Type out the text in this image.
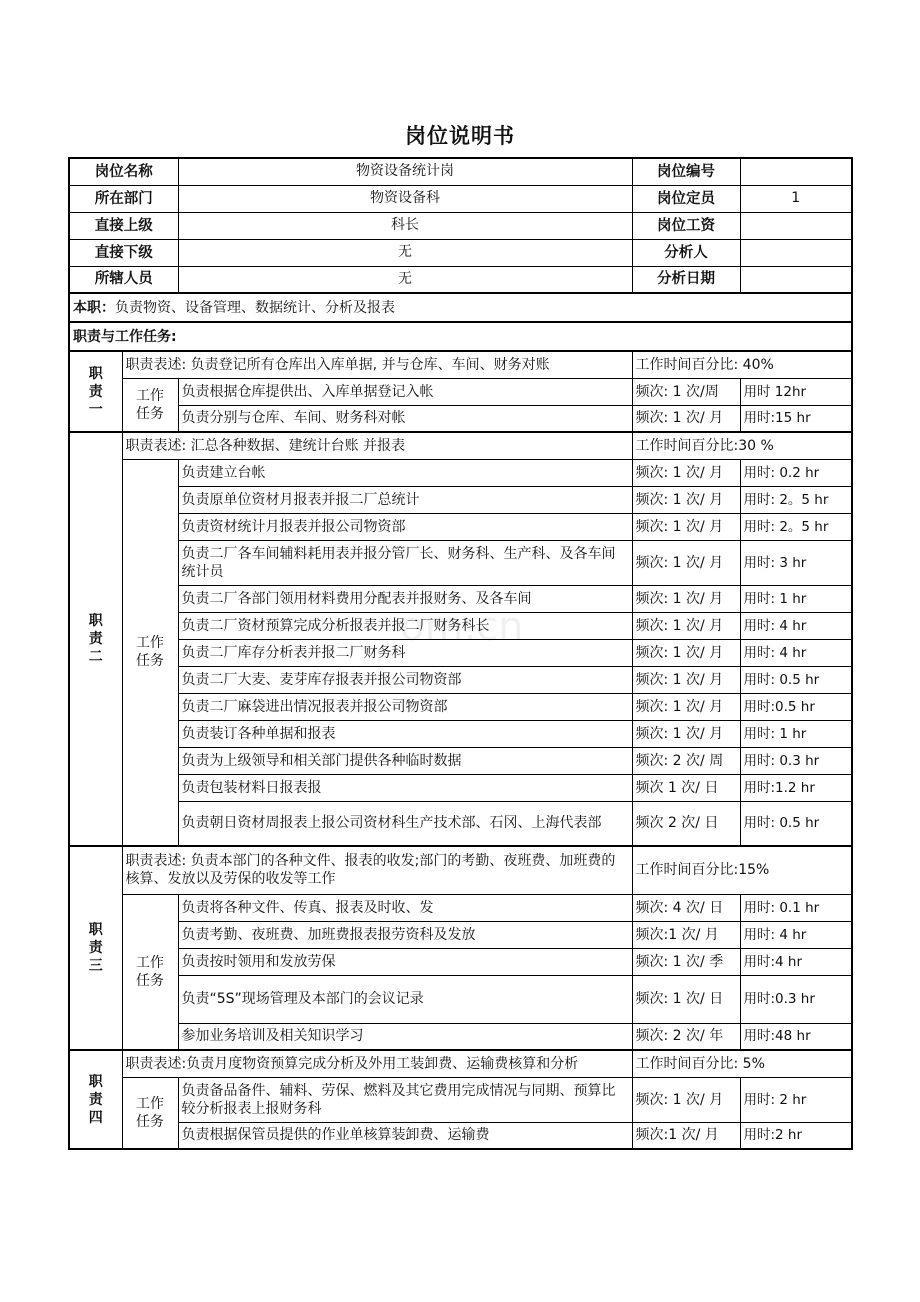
岗位说明书
岗位名称		物资设备统计岗	岗位编号	
所在部门		物资设备科	岗位定员	1
直接上级		科长	岗位工资	
直接下级		无	分析人	
所辖人员		无	分析日期	
本职：负责物资、设备管理、数据统计、分析及报表				
职责与工作任务:				

职
责
一	职责表述: 负责登记所有仓库出入库单据, 并与仓库、车间、财务对账		工作时间百分比: 40%	

	工作
任务	负责根据仓库提供出、入库单据登记入帐	频次: 1 次/周	用时 12hr
		负责分别与仓库、车间、财务科对帐	频次: 1 次/ 月	用时:15 hr

职
责
二	职责表述: 汇总各种数据、建统计台账 并报表		工作时间百分比:30 %	

	工作
任务	负责建立台帐	频次: 1 次/ 月	用时: 0.2 hr
		负责原单位资材月报表并报二厂总统计	频次: 1 次/ 月	用时: 2。5 hr
		负责资材统计月报表并报公司物资部	频次: 1 次/ 月	用时: 2。5 hr
		负责二厂各车间辅料耗用表并报分管厂长、财务科、生产科、及各车间统计员	频次: 1 次/ 月	用时: 3 hr
		负责二厂各部门领用材料费用分配表并报财务、及各车间	频次: 1 次/ 月	用时: 1 hr
		负责二厂资材预算完成分析报表并报二厂财务科长	频次: 1 次/ 月	用时: 4 hr
		负责二厂库存分析表并报二厂财务科	频次: 1 次/ 月	用时: 4 hr
		负责二厂大麦、麦芽库存报表并报公司物资部	频次: 1 次/ 月	用时: 0.5 hr
		负责二厂麻袋进出情况报表并报公司物资部	频次: 1 次/ 月	用时:0.5 hr
		负责装订各种单据和报表	频次: 1 次/ 月	用时: 1 hr
		负责为上级领导和相关部门提供各种临时数据	频次: 2 次/ 周	用时: 0.3 hr
		负责包装材料日报表报	频次 1 次/ 日	用时:1.2 hr
		负责朝日资材周报表上报公司资材科生产技术部、石冈、上海代表部	频次 2 次/ 日	用时: 0.5 hr

职
责
三	职责表述: 负责本部门的各种文件、报表的收发;部门的考勤、夜班费、加班费的核算、发放以及劳保的收发等工作		工作时间百分比:15%	

	工作
任务	负责将各种文件、传真、报表及时收、发	频次: 4 次/ 日	用时: 0.1 hr
		负责考勤、夜班费、加班费报表报劳资科及发放	频次:1 次/ 月	用时: 4 hr
		负责按时领用和发放劳保	频次: 1 次/ 季	用时:4 hr
		负责“5S”现场管理及本部门的会议记录	频次: 1 次/ 日	用时:0.3 hr
		参加业务培训及相关知识学习	频次: 2 次/ 年	用时:48 hr

职
责
四	职责表述:负责月度物资预算完成分析及外用工装卸费、运输费核算和分析		工作时间百分比: 5%	

	工作
任务	负责备品备件、辅料、劳保、燃料及其它费用完成情况与同期、预算比较分析报表上报财务科	频次: 1 次/ 月	用时: 2 hr
		负责根据保管员提供的作业单核算装卸费、运输费	频次:1 次/ 月	用时:2 hr
om.cn
